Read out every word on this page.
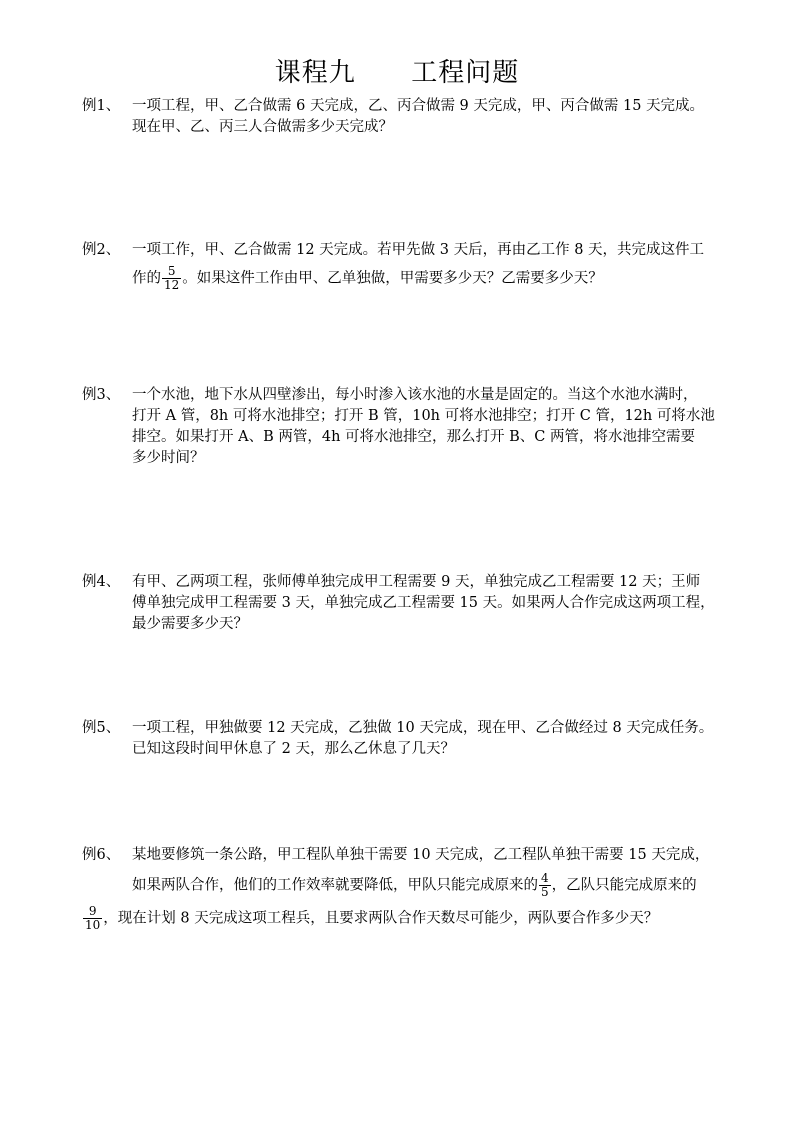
课程九      工程问题
例1、 一项工程，甲、乙合做需 6 天完成，乙、丙合做需 9 天完成，甲、丙合做需 15 天完成。
现在甲、乙、丙三人合做需多少天完成？
例2、 一项工作，甲、乙合做需 12 天完成。若甲先做 3 天后，再由乙工作 8 天，共完成这件工
作的 $\frac{5}{12}$ 。如果这件工作由甲、乙单独做，甲需要多少天？乙需要多少天？
例3、 一个水池，地下水从四壁渗出，每小时渗入该水池的水量是固定的。当这个水池水满时，
打开 A 管，8h 可将水池排空；打开 B 管，10h 可将水池排空；打开 C 管，12h 可将水池
排空。如果打开 A、B 两管，4h 可将水池排空，那么打开 B、C 两管，将水池排空需要
多少时间？
例4、 有甲、乙两项工程，张师傅单独完成甲工程需要 9 天，单独完成乙工程需要 12 天；王师
傅单独完成甲工程需要 3 天，单独完成乙工程需要 15 天。如果两人合作完成这两项工程，
最少需要多少天？
例5、 一项工程，甲独做要 12 天完成，乙独做 10 天完成，现在甲、乙合做经过 8 天完成任务。
已知这段时间甲休息了 2 天，那么乙休息了几天？
例6、 某地要修筑一条公路，甲工程队单独干需要 10 天完成，乙工程队单独干需要 15 天完成，
如果两队合作，他们的工作效率就要降低，甲队只能完成原来的 $\frac{4}{5}$ ，乙队只能完成原来的
$\frac{9}{10}$ ，现在计划 8 天完成这项工程兵，且要求两队合作天数尽可能少，两队要合作多少天？
